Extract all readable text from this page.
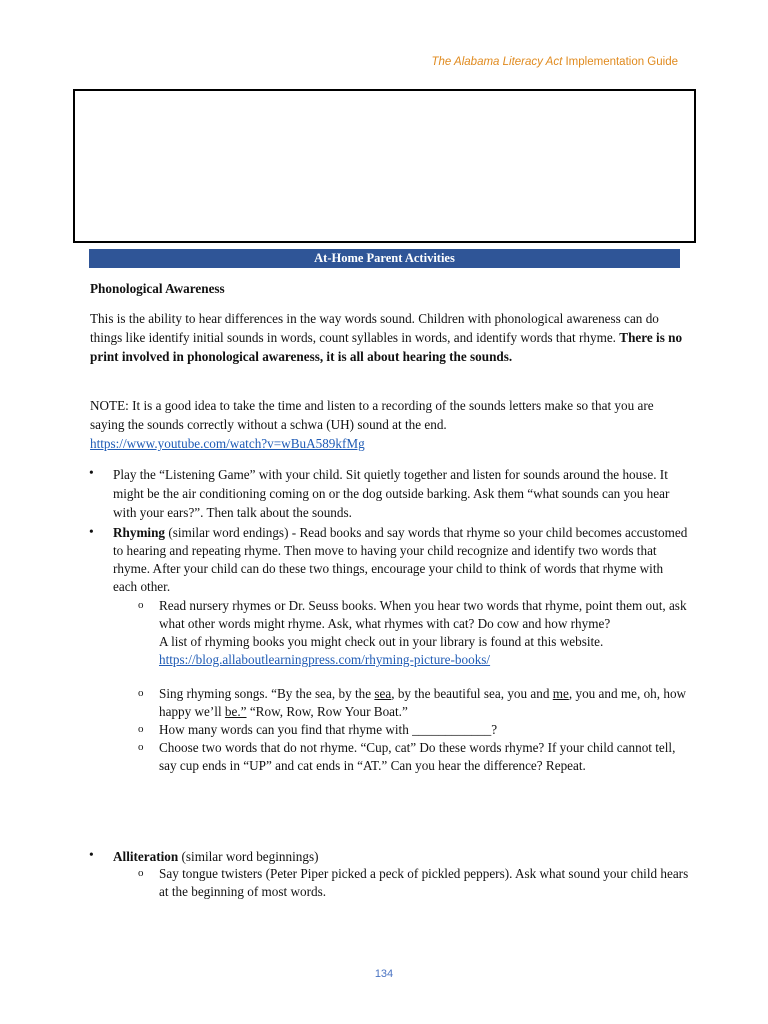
The Alabama Literacy Act Implementation Guide
At-Home Parent Activities
Phonological Awareness
This is the ability to hear differences in the way words sound. Children with phonological awareness can do things like identify initial sounds in words, count syllables in words, and identify words that rhyme. There is no print involved in phonological awareness, it is all about hearing the sounds.
NOTE: It is a good idea to take the time and listen to a recording of the sounds letters make so that you are saying the sounds correctly without a schwa (UH) sound at the end.
https://www.youtube.com/watch?v=wBuA589kfMg
• Play the “Listening Game” with your child. Sit quietly together and listen for sounds around the house. It might be the air conditioning coming on or the dog outside barking. Ask them “what sounds can you hear with your ears?”. Then talk about the sounds.
• Rhyming (similar word endings) - Read books and say words that rhyme so your child becomes accustomed to hearing and repeating rhyme. Then move to having your child recognize and identify two words that rhyme. After your child can do these two things, encourage your child to think of words that rhyme with each other.
o Read nursery rhymes or Dr. Seuss books. When you hear two words that rhyme, point them out, ask what other words might rhyme. Ask, what rhymes with cat? Do cow and how rhyme?
A list of rhyming books you might check out in your library is found at this website.
https://blog.allaboutlearningpress.com/rhyming-picture-books/
o Sing rhyming songs. “By the sea, by the sea, by the beautiful sea, you and me, you and me, oh, how happy we’ll be.” “Row, Row, Row Your Boat.”
o How many words can you find that rhyme with ____________?
o Choose two words that do not rhyme. “Cup, cat” Do these words rhyme? If your child cannot tell, say cup ends in “UP” and cat ends in “AT.” Can you hear the difference? Repeat.
• Alliteration (similar word beginnings)
o Say tongue twisters (Peter Piper picked a peck of pickled peppers). Ask what sound your child hears at the beginning of most words.
134
